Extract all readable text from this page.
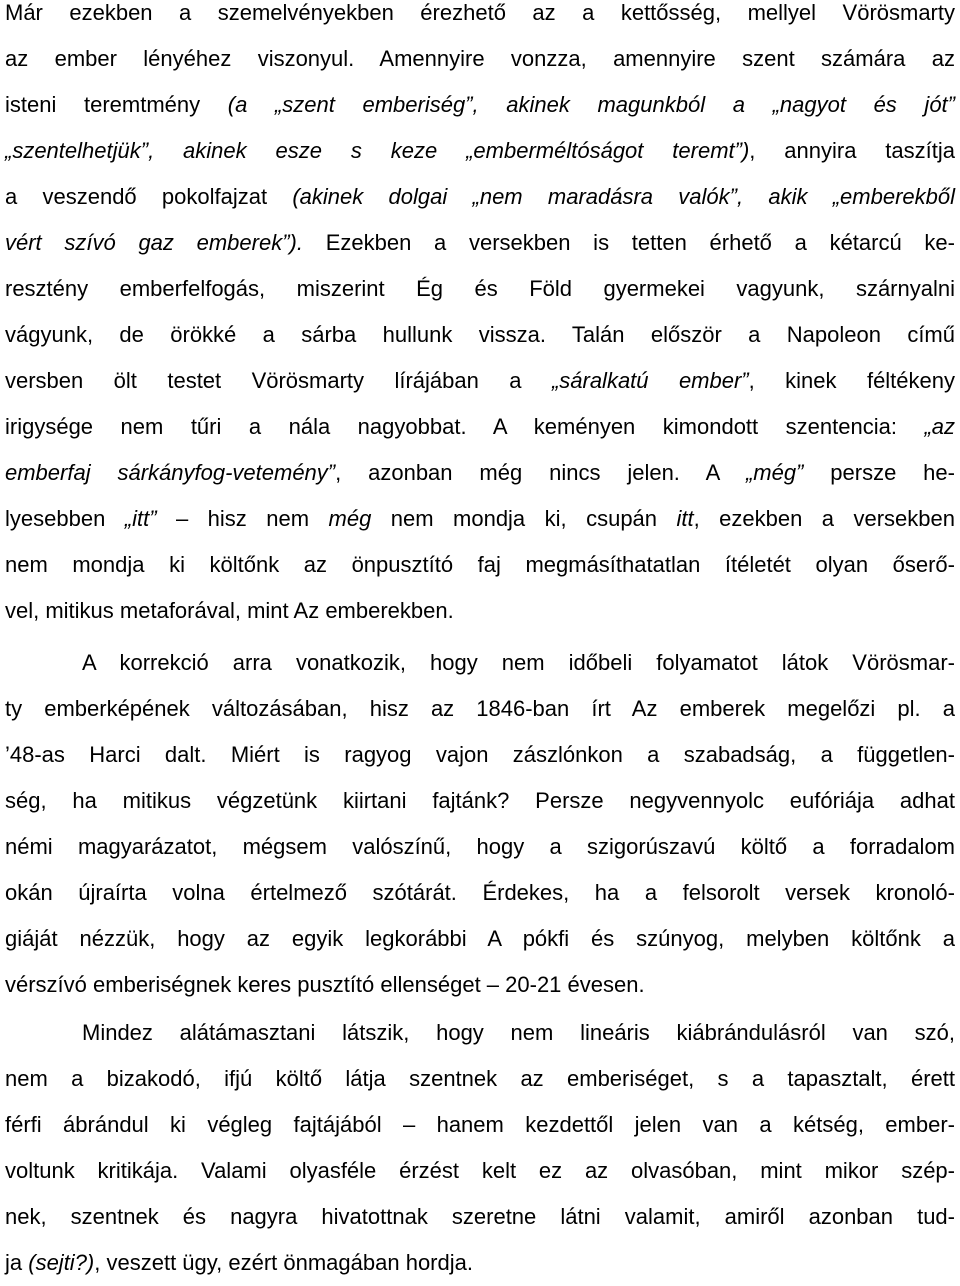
Már ezekben a szemelvényekben érezhető az a kettősség, mellyel Vörösmarty
az ember lényéhez viszonyul. Amennyire vonzza, amennyire szent számára az
isteni teremtmény (a „szent emberiség”, akinek magunkból a „nagyot és jót”
„szentelhetjük”, akinek esze s keze „emberméltóságot teremt”), annyira taszítja
a veszendő pokolfajzat (akinek dolgai „nem maradásra valók”, akik „emberekből
vért szívó gaz emberek”). Ezekben a versekben is tetten érhető a kétarcú ke-
resztény emberfelfogás, miszerint Ég és Föld gyermekei vagyunk, szárnyalni
vágyunk, de örökké a sárba hullunk vissza. Talán először a Napoleon című
versben ölt testet Vörösmarty lírájában a „sáralkatú ember”, kinek féltékeny
irigysége nem tűri a nála nagyobbat. A keményen kimondott szentencia: „az
emberfaj sárkányfog-vetemény”, azonban még nincs jelen. A „még” persze he-
lyesebben „itt” – hisz nem még nem mondja ki, csupán itt, ezekben a versekben
nem mondja ki költőnk az önpusztító faj megmásíthatatlan ítéletét olyan őserő-
vel, mitikus metaforával, mint Az emberekben.
A korrekció arra vonatkozik, hogy nem időbeli folyamatot látok Vörösmar-
ty emberképének változásában, hisz az 1846-ban írt Az emberek megelőzi pl. a
’48-as Harci dalt. Miért is ragyog vajon zászlónkon a szabadság, a független-
ség, ha mitikus végzetünk kiirtani fajtánk? Persze negyvennyolc eufóriája adhat
némi magyarázatot, mégsem valószínű, hogy a szigorúszavú költő a forradalom
okán újraírta volna értelmező szótárát. Érdekes, ha a felsorolt versek kronoló-
giáját nézzük, hogy az egyik legkorábbi A pókfi és szúnyog, melyben költőnk a
vérszívó emberiségnek keres pusztító ellenséget – 20-21 évesen.
Mindez alátámasztani látszik, hogy nem lineáris kiábrándulásról van szó,
nem a bizakodó, ifjú költő látja szentnek az emberiséget, s a tapasztalt, érett
férfi ábrándul ki végleg fajtájából – hanem kezdettől jelen van a kétség, ember-
voltunk kritikája. Valami olyasféle érzést kelt ez az olvasóban, mint mikor szép-
nek, szentnek és nagyra hivatottnak szeretne látni valamit, amiről azonban tud-
ja (sejti?), veszett ügy, ezért önmagában hordja.
